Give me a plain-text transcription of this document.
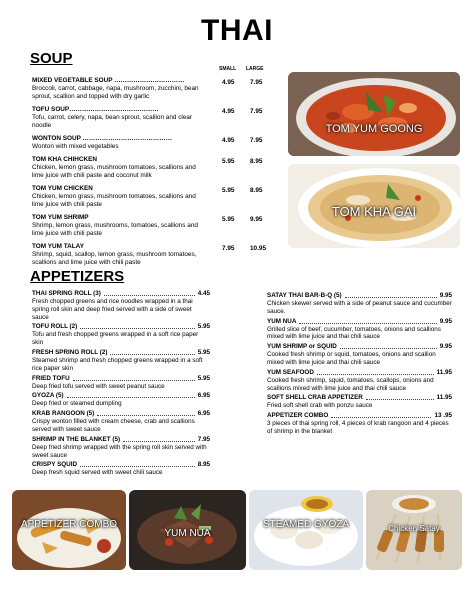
THAI
SOUP
SMALL LARGE
MIXED VEGETABLE SOUP ……………………………
Broccoli, carrot, cabbage, napa, mushroom, zucchini, bean sprout, scallion and topped with dry garlic
4.95 7.95
TOFU SOUP……………………………………
Tofu, carrot, celery, napa, bean sprout, scallion and clear noodle
4.95 7.95
WONTON SOUP ……………………………………
Wonton with mixed vegetables
4.95 7.95
TOM KHA CHIHCKEN
Chicken, lemon grass, mushroom tomatoes, scallions and lime juice with chili paste and coconut milk
5.95 8.95
TOM YUM CHICKEN
Chicken, lemon grass, mushroom tomatoes, scallions and lime juice with chili paste
5.95 8.95
TOM YUM SHRIMP
Shrimp, lemon grass, mushrooms, tomatoes, scallions and lime juice with chili paste
5.95 9.95
TOM YUM TALAY
Shrimp, squid, scallop, lemon grass, mushroom tomatoes, scallions and lime juice with chili paste
7.95 10.95
TOM YUM GOONG
TOM KHA GAI
APPETIZERS
THAI SPRING ROLL (3)	4.45
Fresh chopped greens and rice noodles wrapped in a thai spring roll skin and deep fried served with a side of sweet sauce
TOFU ROLL (2)	5.95
Tofu and fresh chopped greens wrapped in a soft rice paper skin
FRESH SPRING ROLL (2)	5.95
Steamed shrimp and fresh chopped greens wrapped in a soft rice paper skin
FRIED TOFU	5.95
Deep fried tofu served with sweet peanut sauce
GYOZA (5)	6.95
Deep fried or steamed dumpling
KRAB RANGOON (5)	6.95
Crispy wonton filled with cream cheese, crab and scallions served with sweet sauce
SHRIMP IN THE BLANKET (5)	7.95
Deep fried shrimp wrapped with the spring roll skin served with sweet sauce
CRISPY SQUID	8.95
Deep fresh squid served with sweet chili sauce
SATAY THAI BAR-B-Q (5)	9.95
Chicken skewer served with a side of peanut sauce and cucumber sauce.
YUM NUA	9.95
Grilled slice of beef, cucumber, tomatoes, onions and scallions mixed with lime juice and thai chili sauce
YUM SHRIMP or SQUID	9.95
Cooked fresh shrimp or squid, tomatoes, onions and scallion mixed with lime juice and thai chili sauce
YUM SEAFOOD	11.95
Cooked fresh shrimp, squid, tomatoes, scallops, onions and scallions mixed with lime juice and thai chili sauce
SOFT SHELL CRAB APPETIZER	11.95
Fried soft shell crab with ponzu sauce
APPETIZER COMBO	13 .95
3 pieces of thai spring roll, 4 pieces of krab rangoon and 4 pieces of shrimp in the blanket
APPETIZER COMBO
YUM NUA
STEAMED GYOZA	Chicken Satay
